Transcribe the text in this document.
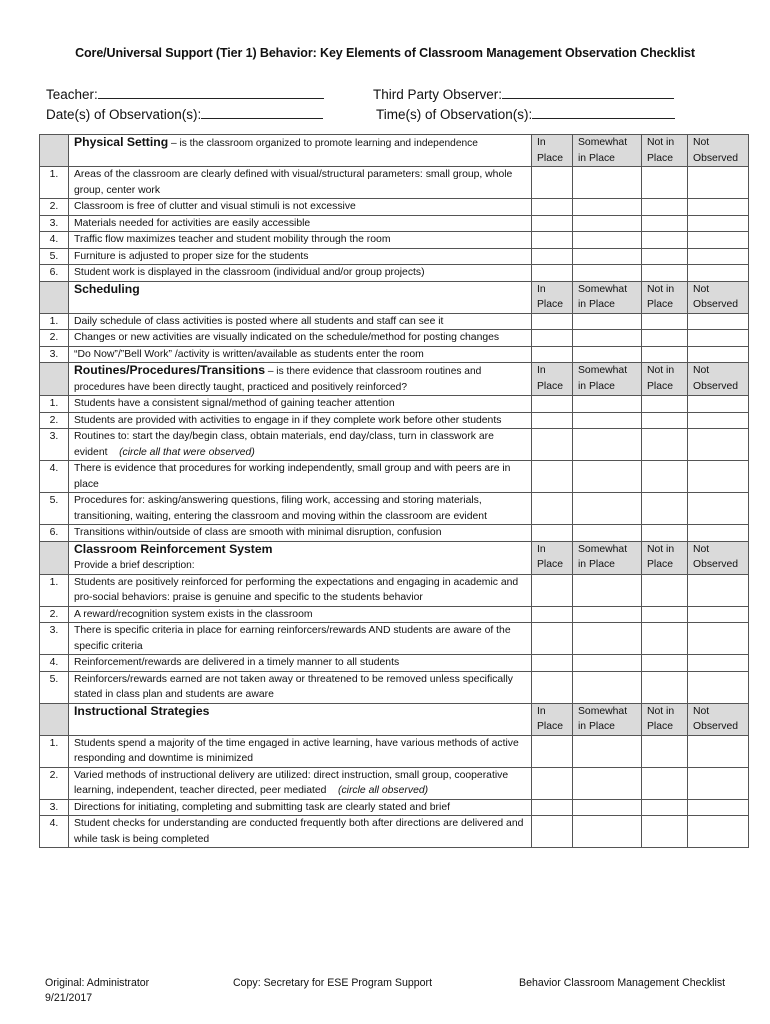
Core/Universal Support (Tier 1) Behavior: Key Elements of Classroom Management Observation Checklist
Teacher:	Third Party Observer:
Date(s) of Observation(s):	Time(s) of Observation(s):
	Physical Setting – is the classroom organized to promote learning and independence	In Place	Somewhat in Place	Not in Place	Not Observed
1.	Areas of the classroom are clearly defined with visual/structural parameters: small group, whole group, center work				
2.	Classroom is free of clutter and visual stimuli is not excessive				
3.	Materials needed for activities are easily accessible				
4.	Traffic flow maximizes teacher and student mobility through the room				
5.	Furniture is adjusted to proper size for the students				
6.	Student work is displayed in the classroom (individual and/or group projects)				
	Scheduling	In Place	Somewhat in Place	Not in Place	Not Observed
1.	Daily schedule of class activities is posted where all students and staff can see it				
2.	Changes or new activities are visually indicated on the schedule/method for posting changes				
3.	“Do Now”/”Bell Work” /activity is written/available as students enter the room				
	Routines/Procedures/Transitions – is there evidence that classroom routines and procedures have been directly taught, practiced and positively reinforced?	In Place	Somewhat in Place	Not in Place	Not Observed
1.	Students have a consistent signal/method of gaining teacher attention				
2.	Students are provided with activities to engage in if they complete work before other students				
3.	Routines to: start the day/begin class, obtain materials, end day/class, turn in classwork are evident (circle all that were observed)				
4.	There is evidence that procedures for working independently, small group and with peers are in place				
5.	Procedures for: asking/answering questions, filing work, accessing and storing materials, transitioning, waiting, entering the classroom and moving within the classroom are evident				
6.	Transitions within/outside of class are smooth with minimal disruption, confusion				
	Classroom Reinforcement System
Provide a brief description:	In Place	Somewhat in Place	Not in Place	Not Observed
1.	Students are positively reinforced for performing the expectations and engaging in academic and pro-social behaviors: praise is genuine and specific to the students behavior				
2.	A reward/recognition system exists in the classroom				
3.	There is specific criteria in place for earning reinforcers/rewards AND students are aware of the specific criteria				
4.	Reinforcement/rewards are delivered in a timely manner to all students				
5.	Reinforcers/rewards earned are not taken away or threatened to be removed unless specifically stated in class plan and students are aware				
	Instructional Strategies	In Place	Somewhat in Place	Not in Place	Not Observed
1.	Students spend a majority of the time engaged in active learning, have various methods of active responding and downtime is minimized				
2.	Varied methods of instructional delivery are utilized: direct instruction, small group, cooperative learning, independent, teacher directed, peer mediated (circle all observed)				
3.	Directions for initiating, completing and submitting task are clearly stated and brief				
4.	Student checks for understanding are conducted frequently both after directions are delivered and while task is being completed				
Original: Administrator
9/21/2017
Copy: Secretary for ESE Program Support	Behavior Classroom Management Checklist
